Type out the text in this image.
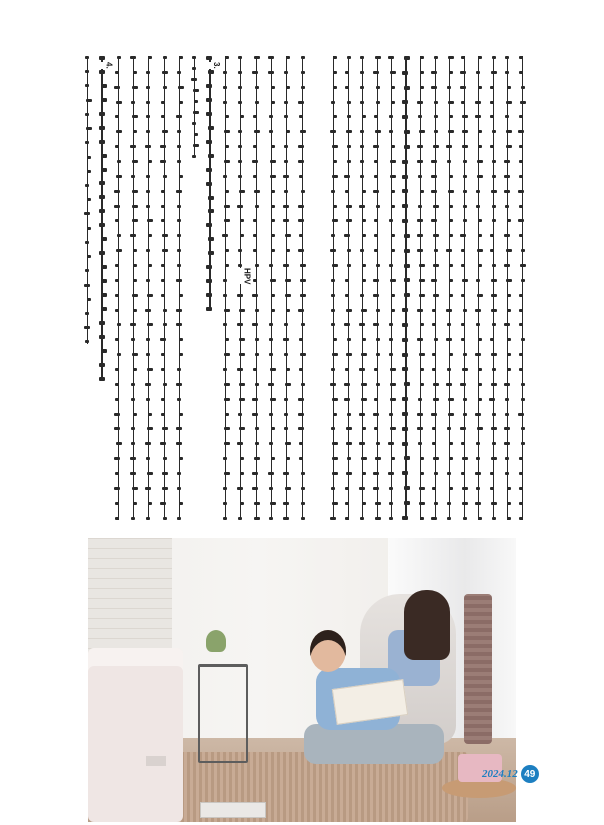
4.	3.
HPV
2024.12 49
